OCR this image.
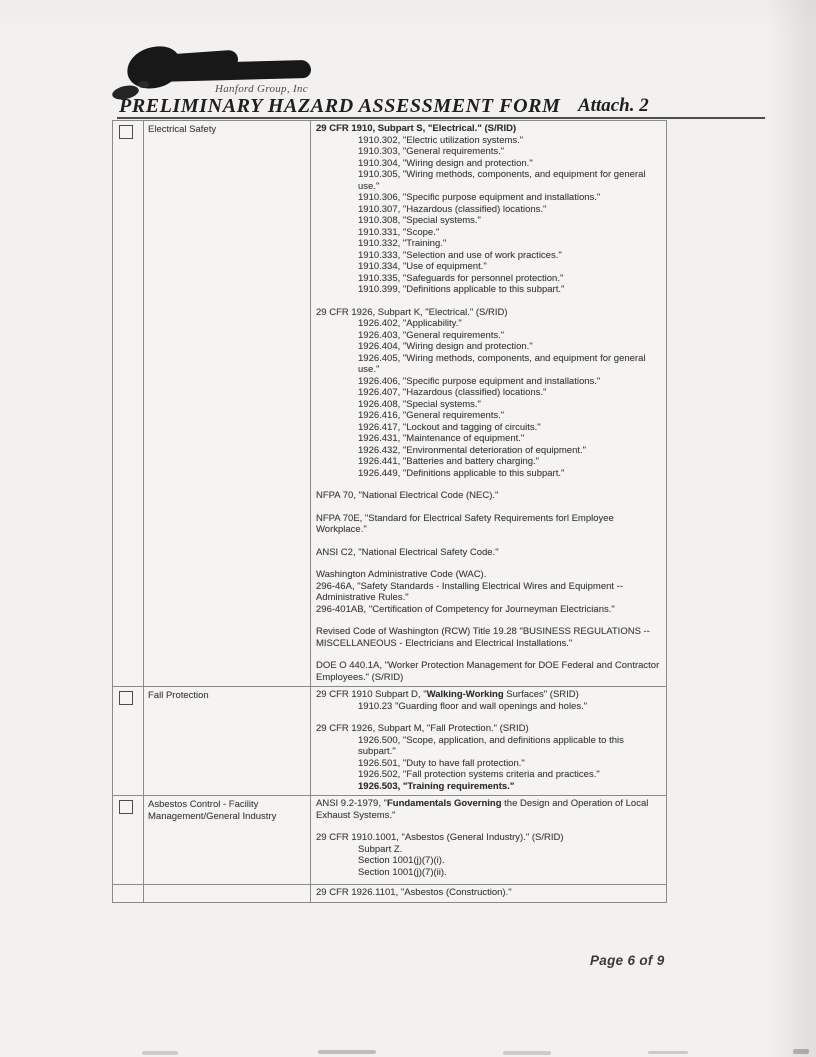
Hanford Group, Inc
PRELIMINARY HAZARD ASSESSMENT FORM Attach. 2
Electrical Safety	29 CFR 1910, Subpart S, "Electrical." (S/RID)
1910.302, "Electric utilization systems."
1910.303, "General requirements."
1910.304, "Wiring design and protection."
1910.305, "Wiring methods, components, and equipment for general use."
1910.306, "Specific purpose equipment and installations."
1910.307, "Hazardous (classified) locations."
1910.308, "Special systems."
1910.331, "Scope."
1910.332, "Training."
1910.333, "Selection and use of work practices."
1910.334, "Use of equipment."
1910.335, "Safeguards for personnel protection."
1910.399, "Definitions applicable to this subpart."
29 CFR 1926, Subpart K, "Electrical." (S/RID)
1926.402, "Applicability."
1926.403, "General requirements."
1926.404, "Wiring design and protection."
1926.405, "Wiring methods, components, and equipment for general use."
1926.406, "Specific purpose equipment and installations."
1926.407, "Hazardous (classified) locations."
1926.408, "Special systems."
1926.416, "General requirements."
1926.417, "Lockout and tagging of circuits."
1926.431, "Maintenance of equipment."
1926.432, "Environmental deterioration of equipment."
1926.441, "Batteries and battery charging."
1926.449, "Definitions applicable to this subpart."
NFPA 70, "National Electrical Code (NEC)."
NFPA 70E, "Standard for Electrical Safety Requirements forl Employee Workplace."
ANSI C2, "National Electrical Safety Code."
Washington Administrative Code (WAC).
296-46A, "Safety Standards - Installing Electrical Wires and Equipment -- Administrative Rules."
296-401AB, "Certification of Competency for Journeyman Electricians."
Revised Code of Washington (RCW) Title 19.28 "BUSINESS REGULATIONS --MISCELLANEOUS - Electricians and Electrical Installations."
DOE O 440.1A, "Worker Protection Management for DOE Federal and Contractor Employees." (S/RID)
Fall Protection	29 CFR 1910 Subpart D, "Walking-Working Surfaces" (SRID)
1910.23 "Guarding floor and wall openings and holes."
29 CFR 1926, Subpart M, "Fall Protection." (SRID)
1926.500, "Scope, application, and definitions applicable to this subpart."
1926.501, "Duty to have fall protection."
1926.502, "Fall protection systems criteria and practices."
1926.503, "Training requirements."
Asbestos Control - Facility Management/General Industry
ANSI 9.2-1979, "Fundamentals Governing the Design and Operation of Local Exhaust Systems."
29 CFR 1910.1001, "Asbestos (General Industry)." (S/RID)
Subpart Z.
Section 1001(j)(7)(i).
Section 1001(j)(7)(ii).
29 CFR 1926.1101, "Asbestos (Construction)."
Page 6 of 9
